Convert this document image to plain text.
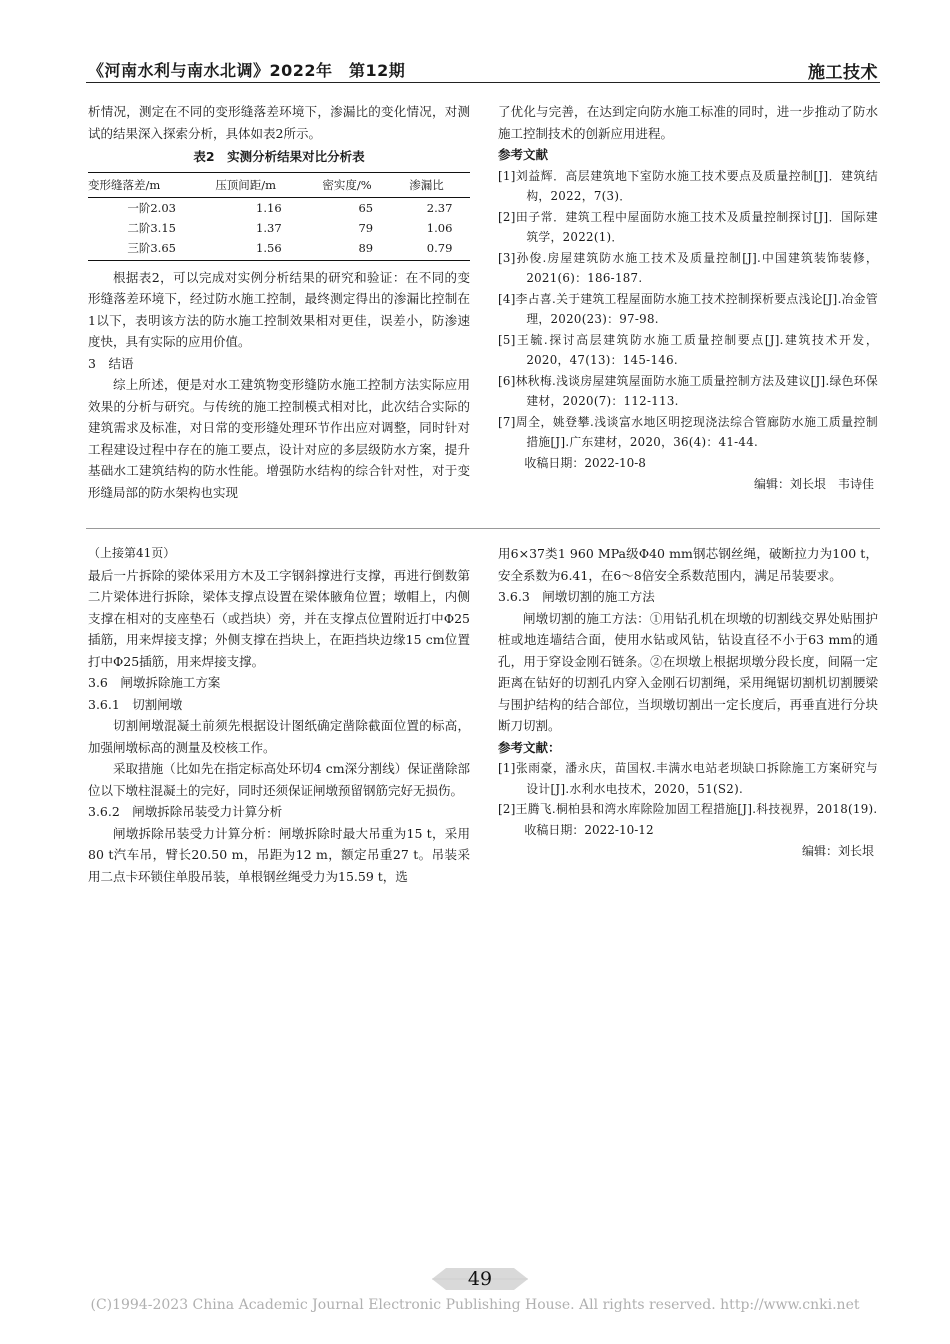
《河南水利与南水北调》2022年　第12期	施工技术

析情况，测定在不同的变形缝落差环境下，渗漏比的变化情况，对测试的结果深入探索分析，具体如表2所示。

表2　实测分析结果对比分析表
变形缝落差/m	压顶间距/m	密实度/%	渗漏比
一阶2.03	1.16	65	2.37
二阶3.15	1.37	79	1.06
三阶3.65	1.56	89	0.79

根据表2，可以完成对实例分析结果的研究和验证：在不同的变形缝落差环境下，经过防水施工控制，最终测定得出的渗漏比控制在1以下，表明该方法的防水施工控制效果相对更佳，误差小，防渗速度快，具有实际的应用价值。

3　结语

综上所述，便是对水工建筑物变形缝防水施工控制方法实际应用效果的分析与研究。与传统的施工控制模式相对比，此次结合实际的建筑需求及标准，对日常的变形缝处理环节作出应对调整，同时针对工程建设过程中存在的施工要点，设计对应的多层级防水方案，提升基础水工建筑结构的防水性能。增强防水结构的综合针对性，对于变形缝局部的防水架构也实现

了优化与完善，在达到定向防水施工标准的同时，进一步推动了防水施工控制技术的创新应用进程。

参考文献
[1]刘益辉．高层建筑地下室防水施工技术要点及质量控制[J]．建筑结构，2022，7(3)．
[2]田子常．建筑工程中屋面防水施工技术及质量控制探讨[J]．国际建筑学，2022(1)．
[3]孙俊.房屋建筑防水施工技术及质量控制[J].中国建筑装饰装修，2021(6)：186-187.
[4]李占喜.关于建筑工程屋面防水施工技术控制探析要点浅论[J].冶金管理，2020(23)：97-98.
[5]王毓.探讨高层建筑防水施工质量控制要点[J].建筑技术开发，2020，47(13)：145-146.
[6]林秋梅.浅谈房屋建筑屋面防水施工质量控制方法及建议[J].绿色环保建材，2020(7)：112-113.
[7]周全，姚登攀.浅谈富水地区明挖现浇法综合管廊防水施工质量控制措施[J].广东建材，2020，36(4)：41-44.
收稿日期：2022-10-8
编辑：刘长垠　韦诗佳

（上接第41页）

最后一片拆除的梁体采用方木及工字钢斜撑进行支撑，再进行倒数第二片梁体进行拆除，梁体支撑点设置在梁体腋角位置；墩帽上，内侧支撑在相对的支座垫石（或挡块）旁，并在支撑点位置附近打中Φ25插筋，用来焊接支撑；外侧支撑在挡块上，在距挡块边缘15 cm位置打中Φ25插筋，用来焊接支撑。

3.6　闸墩拆除施工方案

3.6.1　切割闸墩

切割闸墩混凝土前须先根据设计图纸确定凿除截面位置的标高，加强闸墩标高的测量及校核工作。

采取措施（比如先在指定标高处环切4 cm深分割线）保证凿除部位以下墩柱混凝土的完好，同时还须保证闸墩预留钢筋完好无损伤。

3.6.2　闸墩拆除吊装受力计算分析

闸墩拆除吊装受力计算分析：闸墩拆除时最大吊重为15 t，采用80 t汽车吊，臂长20.50 m，吊距为12 m，额定吊重27 t。吊装采用二点卡环锁住单股吊装，单根钢丝绳受力为15.59 t，选

用6×37类1 960 MPa级Φ40 mm钢芯钢丝绳，破断拉力为100 t，安全系数为6.41，在6～8倍安全系数范围内，满足吊装要求。

3.6.3　闸墩切割的施工方法

闸墩切割的施工方法：①用钻孔机在坝墩的切割线交界处贴围护桩或地连墙结合面，使用水钻或风钻，钻设直径不小于63 mm的通孔，用于穿设金刚石链条。②在坝墩上根据坝墩分段长度，间隔一定距离在钻好的切割孔内穿入金刚石切割绳，采用绳锯切割机切割腰梁与围护结构的结合部位，当坝墩切割出一定长度后，再垂直进行分块断刀切割。

参考文献：
[1]张雨豪，潘永庆，苗国权.丰满水电站老坝缺口拆除施工方案研究与设计[J].水利水电技术，2020，51(S2).
[2]王腾飞.桐柏县和湾水库除险加固工程措施[J].科技视界，2018(19).
收稿日期：2022-10-12
编辑：刘长垠
49
(C)1994-2023 China Academic Journal Electronic Publishing House. All rights reserved. http://www.cnki.net
